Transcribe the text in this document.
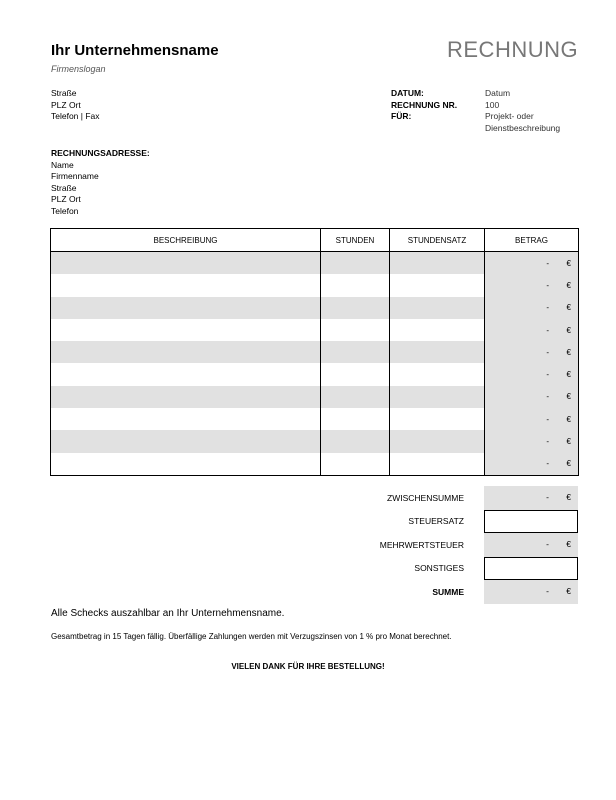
Ihr Unternehmensname
Firmenslogan
RECHNUNG
Straße
PLZ Ort
Telefon | Fax
DATUM:	Datum
RECHNUNG NR.	100
FÜR:	Projekt- oder
Dienstbeschreibung
RECHNUNGSADRESSE:
Name
Firmenname
Straße
PLZ Ort
Telefon
BESCHREIBUNG	STUNDEN	STUNDENSATZ	BETRAG
			- €
			- €
			- €
			- €
			- €
			- €
			- €
			- €
			- €
			- €
ZWISCHENSUMME	- €
STEUERSATZ
MEHRWERTSTEUER	- €
SONSTIGES
SUMME	- €
Alle Schecks auszahlbar an Ihr Unternehmensname.
Gesamtbetrag in 15 Tagen fällig. Überfällige Zahlungen werden mit Verzugszinsen von 1 % pro Monat berechnet.
VIELEN DANK FÜR IHRE BESTELLUNG!
